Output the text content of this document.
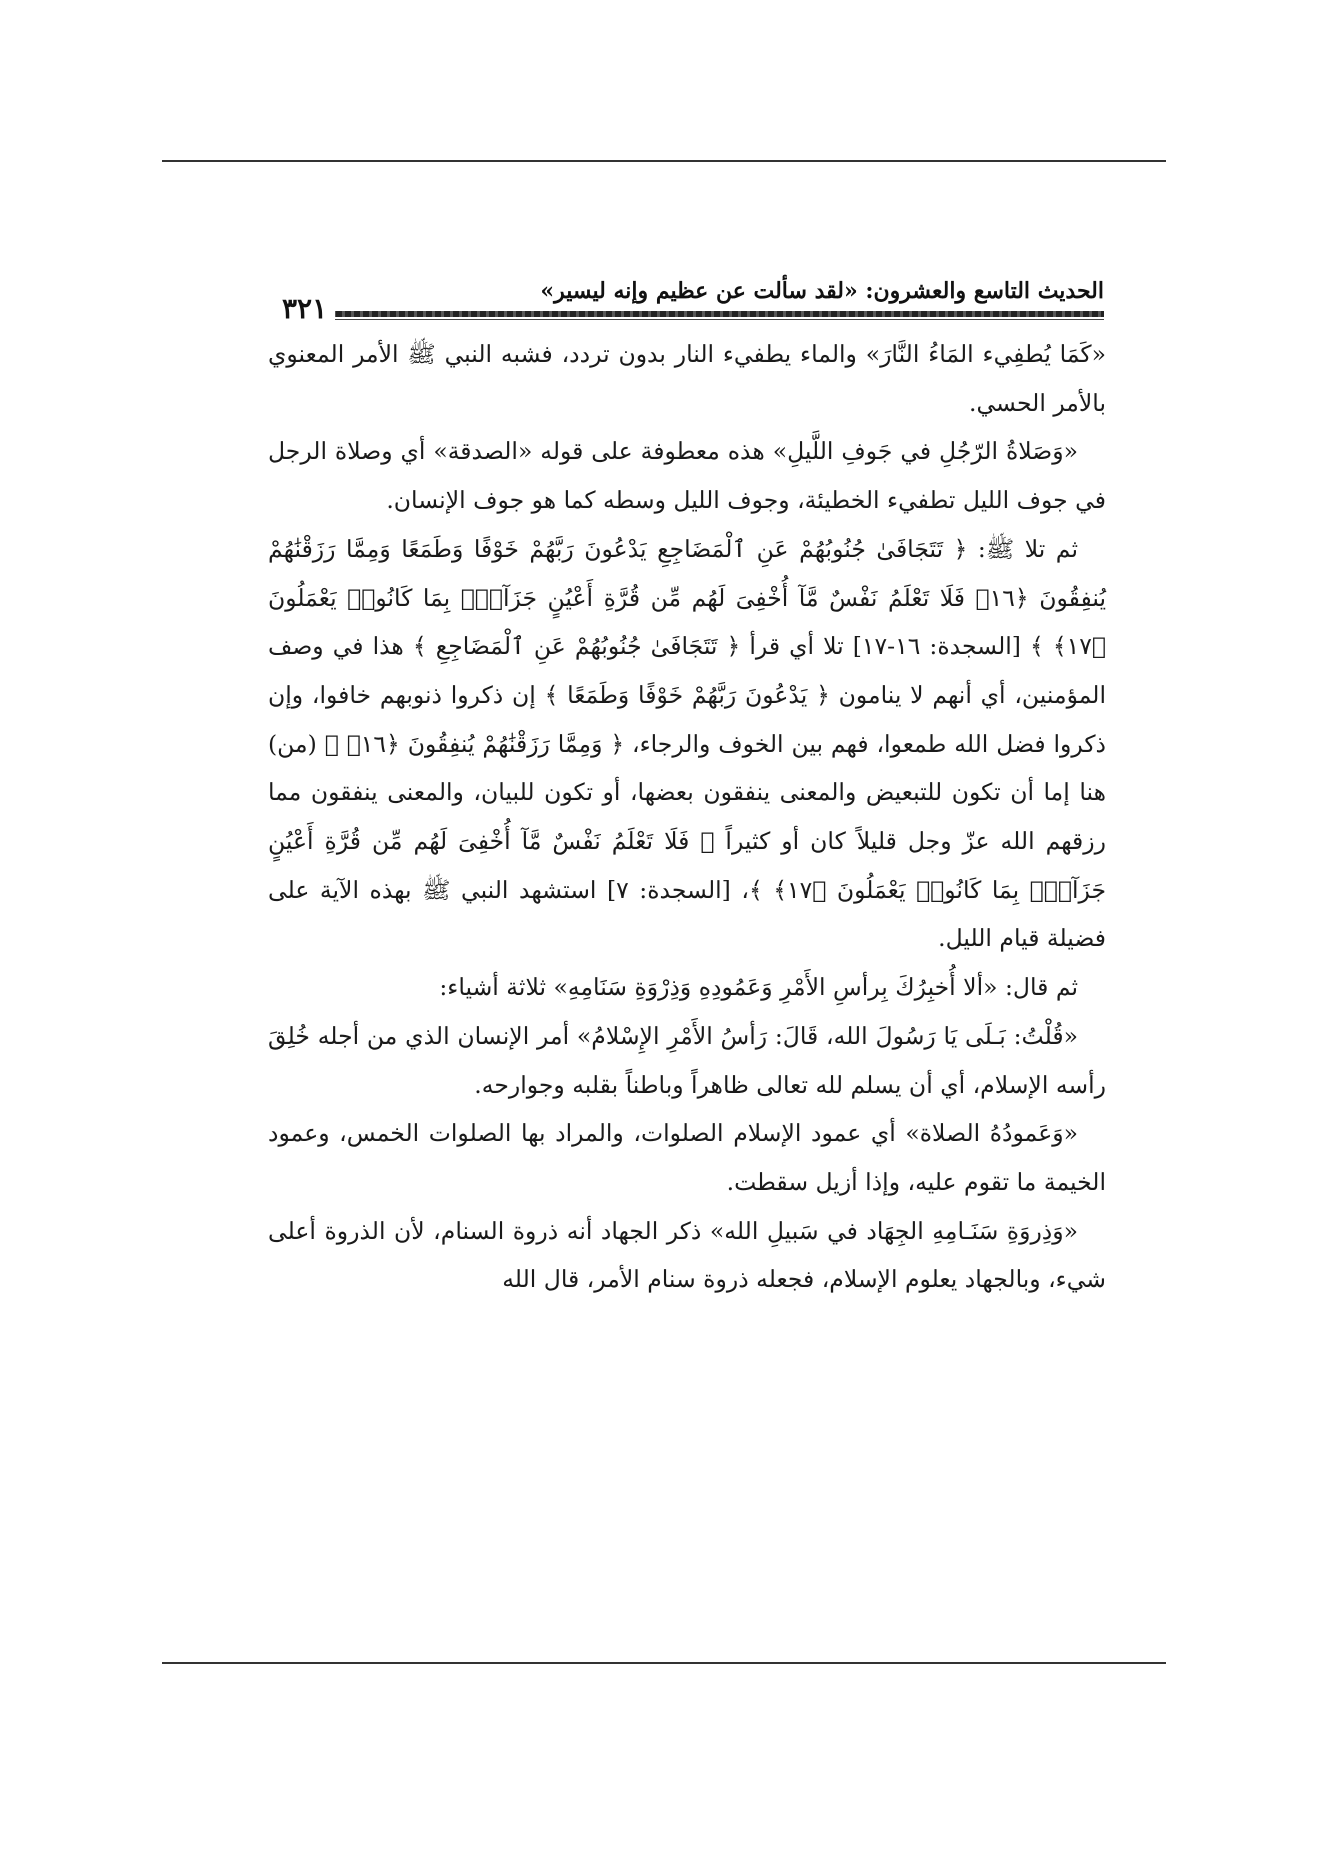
الحديث التاسع والعشرون: «لقد سألت عن عظيم وإنه ليسير»
٣٢١

«كَمَا يُطفِيء المَاءُ النَّارَ» والماء يطفيء النار بدون تردد، فشبه النبي ﷺ الأمر المعنوي بالأمر الحسي.

«وَصَلاةُ الرّجُلِ في جَوفِ اللَّيلِ» هذه معطوفة على قوله «الصدقة» أي وصلاة الرجل في جوف الليل تطفيء الخطيئة، وجوف الليل وسطه كما هو جوف الإنسان.

ثم تلا ﷺ: ﴿ تَتَجَافَىٰ جُنُوبُهُمْ عَنِ ٱلْمَضَاجِعِ يَدْعُونَ رَبَّهُمْ خَوْفًا وَطَمَعًا وَمِمَّا رَزَقْنَٰهُمْ يُنفِقُونَ ﴿١٦﴾ فَلَا تَعْلَمُ نَفْسٌ مَّآ أُخْفِىَ لَهُم مِّن قُرَّةِ أَعْيُنٍ جَزَآءًۢ بِمَا كَانُوا۟ يَعْمَلُونَ ﴿١٧﴾ ﴾ [السجدة: ١٦-١٧] تلا أي قرأ ﴿ تَتَجَافَىٰ جُنُوبُهُمْ عَنِ ٱلْمَضَاجِعِ ﴾ هذا في وصف المؤمنين، أي أنهم لا ينامون ﴿ يَدْعُونَ رَبَّهُمْ خَوْفًا وَطَمَعًا ﴾ إن ذكروا ذنوبهم خافوا، وإن ذكروا فضل الله طمعوا، فهم بين الخوف والرجاء، ﴿ وَمِمَّا رَزَقْنَٰهُمْ يُنفِقُونَ ﴿١٦﴾ ﴾ (من) هنا إما أن تكون للتبعيض والمعنى ينفقون بعضها، أو تكون للبيان، والمعنى ينفقون مما رزقهم الله عزّ وجل قليلاً كان أو كثيراً ﴿ فَلَا تَعْلَمُ نَفْسٌ مَّآ أُخْفِىَ لَهُم مِّن قُرَّةِ أَعْيُنٍ جَزَآءًۢ بِمَا كَانُوا۟ يَعْمَلُونَ ﴿١٧﴾ ﴾، [السجدة: ٧] استشهد النبي ﷺ بهذه الآية على فضيلة قيام الليل.

ثم قال: «ألا أُخبِرُكَ بِرأسِ الأَمْرِ وَعَمُودِهِ وَذِرْوَةِ سَنَامِهِ» ثلاثة أشياء:

«قُلْتُ: بَـلَى يَا رَسُولَ الله، قَالَ: رَأسُ الأَمْرِ الإِسْلامُ» أمر الإنسان الذي من أجله خُلِقَ رأسه الإسلام، أي أن يسلم لله تعالى ظاهراً وباطناً بقلبه وجوارحه.

«وَعَمودُهُ الصلاة» أي عمود الإسلام الصلوات، والمراد بها الصلوات الخمس، وعمود الخيمة ما تقوم عليه، وإذا أزيل سقطت.

«وَذِروَةِ سَنَـامِهِ الجِهَاد في سَبيلِ الله» ذكر الجهاد أنه ذروة السنام، لأن الذروة أعلى شيء، وبالجهاد يعلوم الإسلام، فجعله ذروة سنام الأمر، قال الله
